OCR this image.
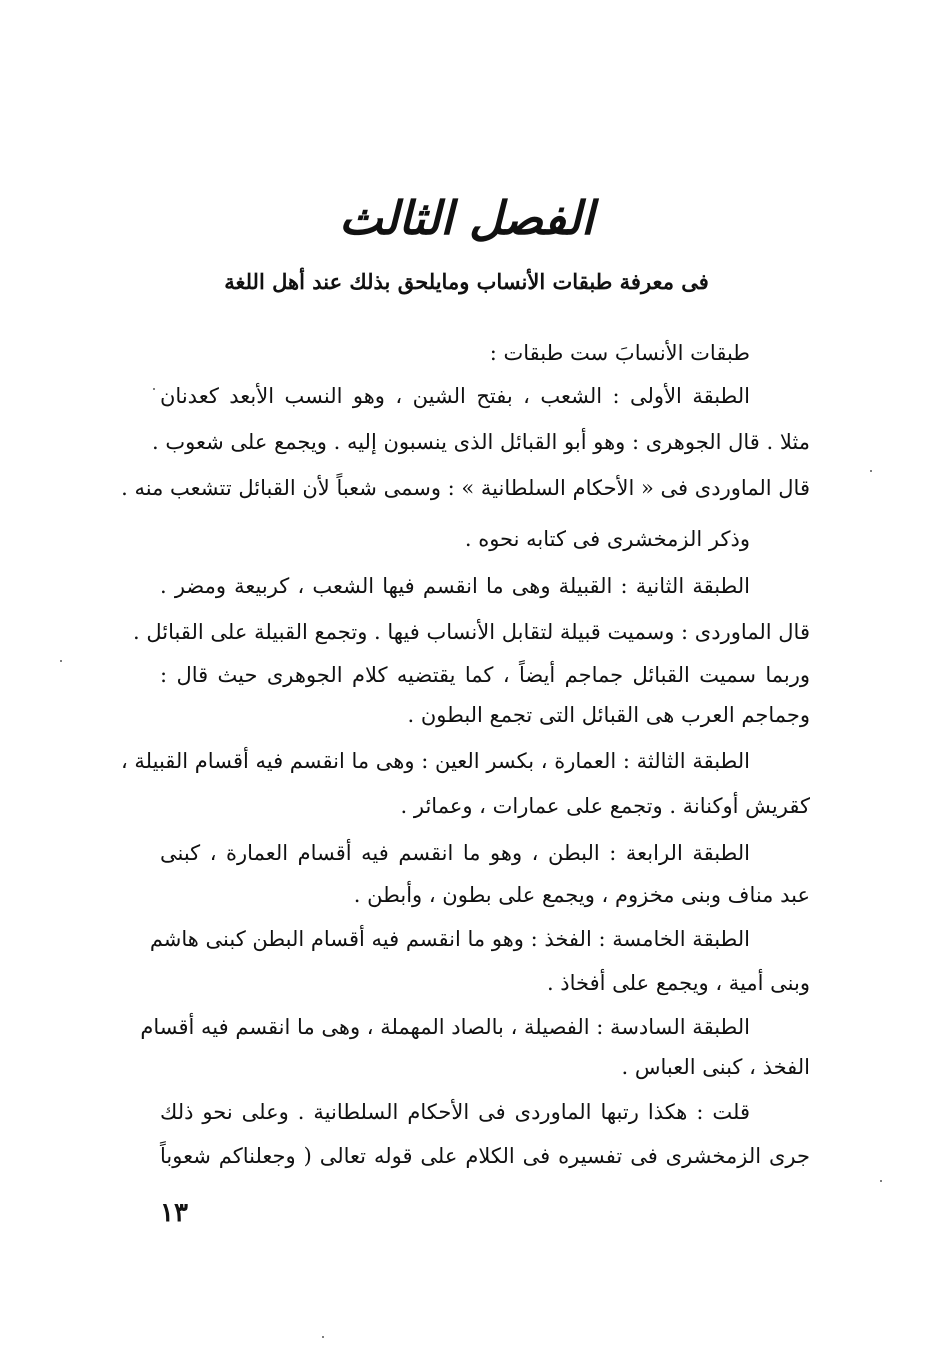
الفصل الثالث
فى معرفة طبقات الأنساب ومايلحق بذلك عند أهل اللغة
طبقات الأنسابَ ست طبقات :
الطبقة الأولى : الشعب ، بفتح الشين ، وهو النسب الأبعد كعدنان
مثلا . قال الجوهرى : وهو أبو القبائل الذى ينسبون إليه . ويجمع على شعوب .
قال الماوردى فى « الأحكام السلطانية » : وسمى شعباً لأن القبائل تتشعب منه .
وذكر الزمخشرى فى كتابه نحوه .
الطبقة الثانية : القبيلة وهى ما انقسم فيها الشعب ، كربيعة ومضر .
قال الماوردى : وسميت قبيلة لتقابل الأنساب فيها . وتجمع القبيلة على القبائل .
وربما سميت القبائل جماجم أيضاً ، كما يقتضيه كلام الجوهرى حيث قال :
وجماجم العرب هى القبائل التى تجمع البطون .
الطبقة الثالثة : العمارة ، بكسر العين : وهى ما انقسم فيه أقسام القبيلة ،
كقريش أوكنانة . وتجمع على عمارات ، وعمائر .
الطبقة الرابعة : البطن ، وهو ما انقسم فيه أقسام العمارة ، كبنى
عبد مناف وبنى مخزوم ، ويجمع على بطون ، وأبطن .
الطبقة الخامسة : الفخذ : وهو ما انقسم فيه أقسام البطن كبنى هاشم
وبنى أمية ، ويجمع على أفخاذ .
الطبقة السادسة : الفصيلة ، بالصاد المهملة ، وهى ما انقسم فيه أقسام
الفخذ ، كبنى العباس .
قلت : هكذا رتبها الماوردى فى الأحكام السلطانية . وعلى نحو ذلك
جرى الزمخشرى فى تفسيره فى الكلام على قوله تعالى ( وجعلناكم شعوباً
١٣
